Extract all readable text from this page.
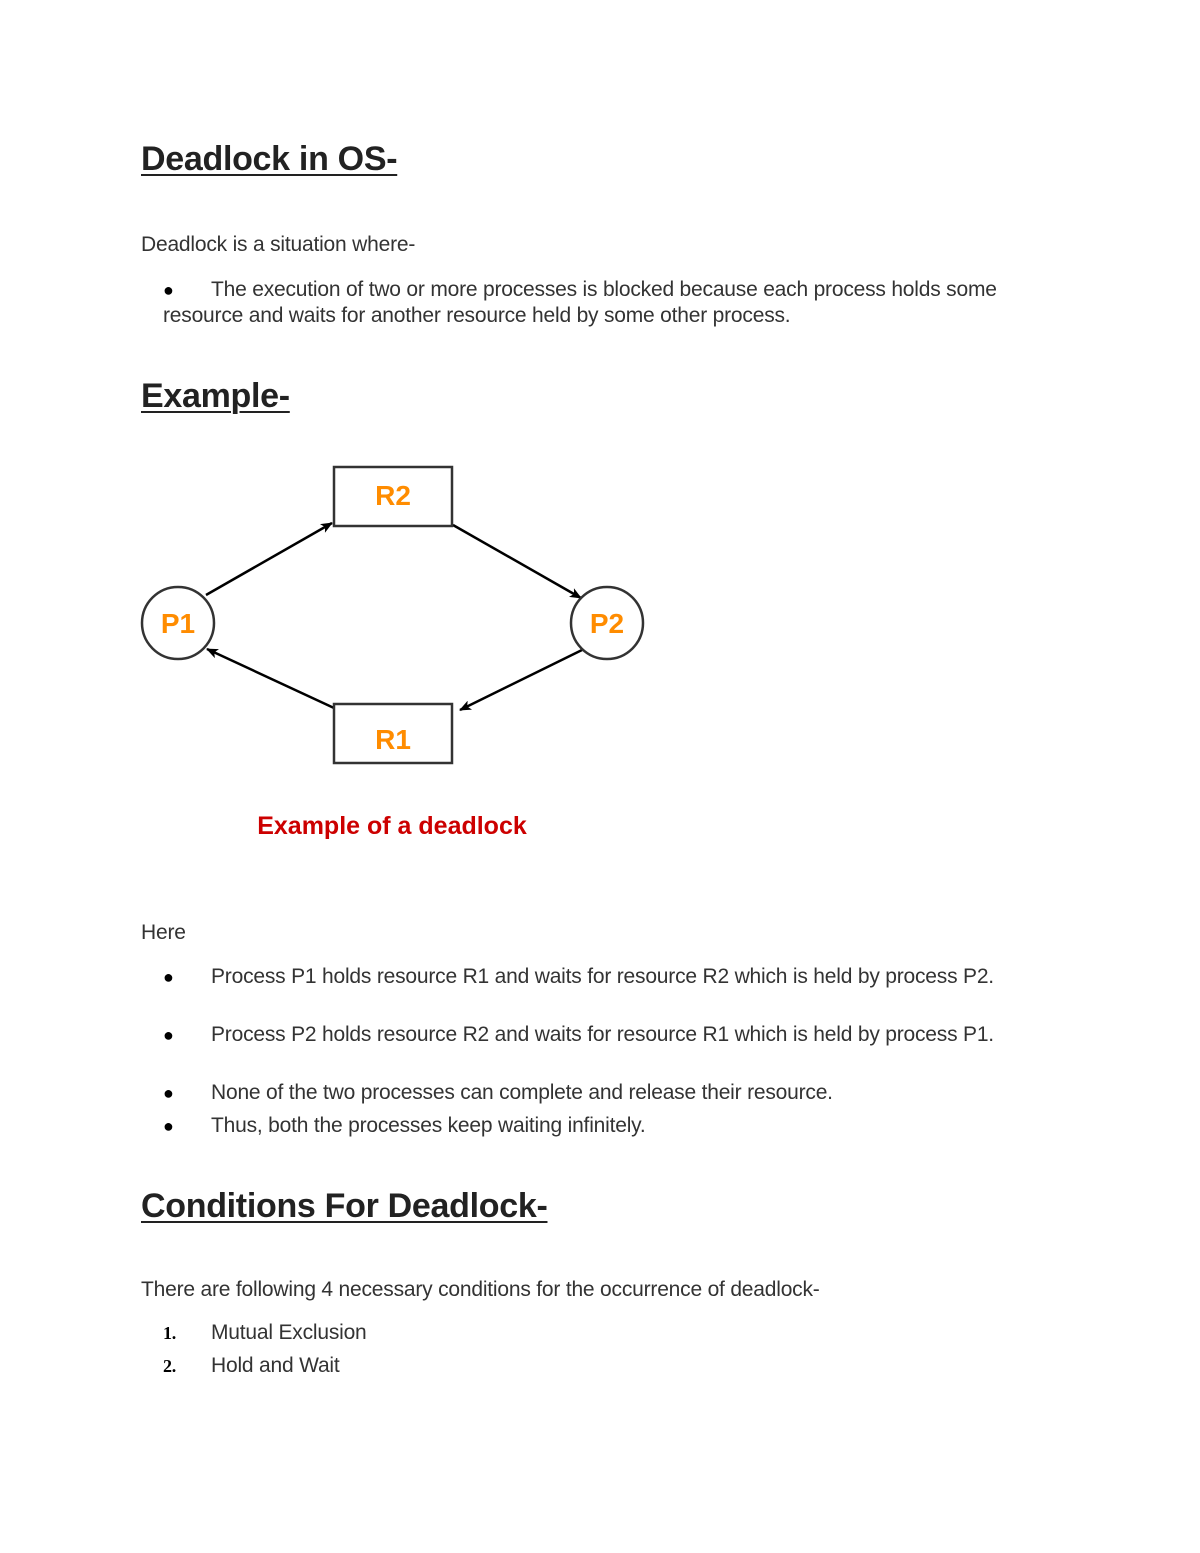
Deadlock in OS-

Deadlock is a situation where-

● The execution of two or more processes is blocked because each process holds some resource and waits for another resource held by some other process.
Example-
R2
P1	P2
R1
Example of a deadlock

Here

● Process P1 holds resource R1 and waits for resource R2 which is held by process P2.
● Process P2 holds resource R2 and waits for resource R1 which is held by process P1.
● None of the two processes can complete and release their resource.
● Thus, both the processes keep waiting infinitely.
Conditions For Deadlock-

There are following 4 necessary conditions for the occurrence of deadlock-

1. Mutual Exclusion
2. Hold and Wait
